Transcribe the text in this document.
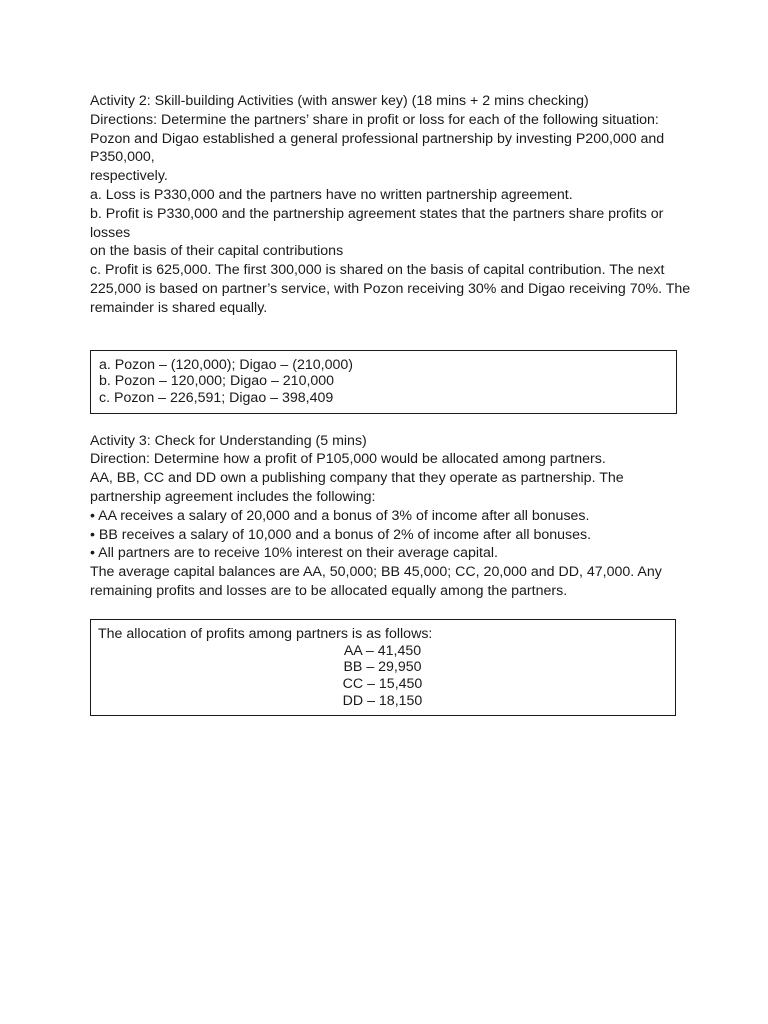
Activity 2: Skill-building Activities (with answer key) (18 mins + 2 mins checking)

Directions: Determine the partners’ share in profit or loss for each of the following situation:

Pozon and Digao established a general professional partnership by investing P200,000 and

P350,000,

respectively.

a. Loss is P330,000 and the partners have no written partnership agreement.

b. Profit is P330,000 and the partnership agreement states that the partners share profits or

losses

on the basis of their capital contributions

c. Profit is 625,000. The first 300,000 is shared on the basis of capital contribution. The next

225,000 is based on partner’s service, with Pozon receiving 30% and Digao receiving 70%. The

remainder is shared equally.

a. Pozon – (120,000); Digao – (210,000)

b. Pozon – 120,000; Digao – 210,000

c. Pozon – 226,591; Digao – 398,409

Activity 3: Check for Understanding (5 mins)

Direction: Determine how a profit of P105,000 would be allocated among partners.

AA, BB, CC and DD own a publishing company that they operate as partnership. The

partnership agreement includes the following:

• AA receives a salary of 20,000 and a bonus of 3% of income after all bonuses.

• BB receives a salary of 10,000 and a bonus of 2% of income after all bonuses.

• All partners are to receive 10% interest on their average capital.

The average capital balances are AA, 50,000; BB 45,000; CC, 20,000 and DD, 47,000. Any

remaining profits and losses are to be allocated equally among the partners.

The allocation of profits among partners is as follows:

AA – 41,450

BB – 29,950

CC – 15,450

DD – 18,150
